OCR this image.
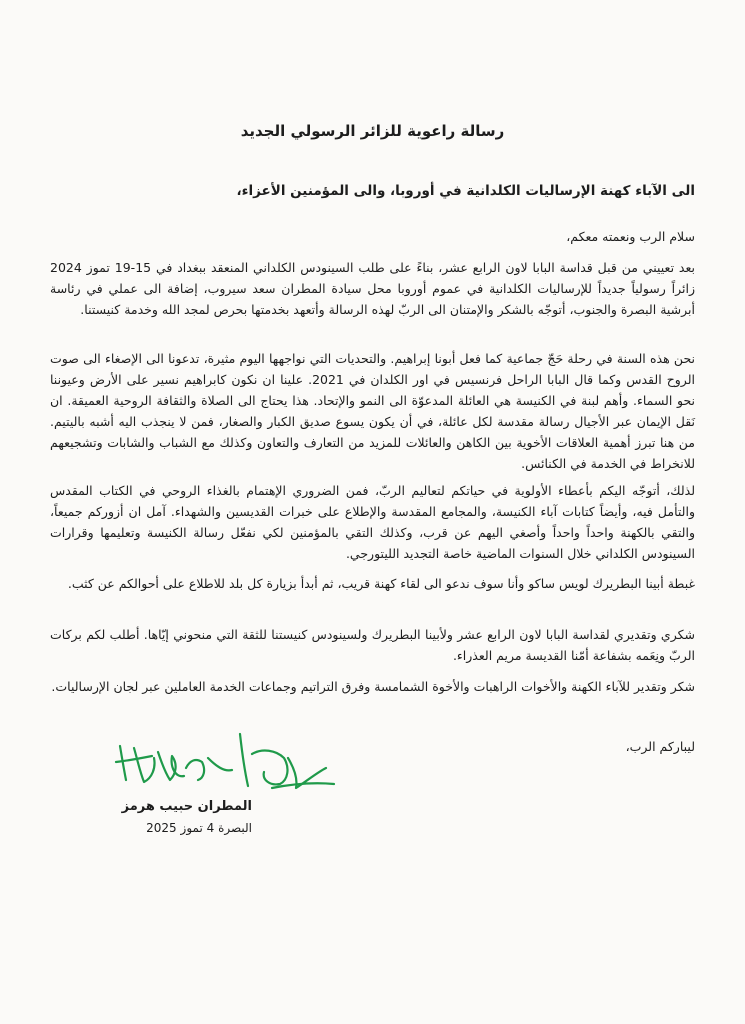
رسالة راعوية للزائر الرسولي الجديد
الى الآباء كهنة الإرساليات الكلدانية في أوروبا، والى المؤمنين الأعزاء،

سلام الرب ونعمته معكم،

بعد تعييني من قبل قداسة البابا لاون الرابع عشر، بناءً على طلب السينودس الكلداني المنعقد ببغداد في 15-19 تموز 2024 زائراً رسولياً جديداً للإرساليات الكلدانية في عموم أوروبا محل سيادة المطران سعد سيروب، إضافة الى عملي في رئاسة أبرشية البصرة والجنوب، أتوجّه بالشكر والإمتنان الى الربّ لهذه الرسالة وأتعهد بخدمتها بحرص لمجد الله وخدمة كنيستنا.

نحن هذه السنة في رحلة حَجّ جماعية كما فعل أبونا إبراهيم. والتحديات التي نواجهها اليوم مثيرة، تدعونا الى الإصغاء الى صوت الروح القدس وكما قال البابا الراحل فرنسيس في اور الكلدان في 2021. علينا ان نكون كابراهيم نسير على الأرض وعيوننا نحو السماء. وأهم لبنة في الكنيسة هي العائلة المدعوّة الى النمو والإتحاد. هذا يحتاج الى الصلاة والثقافة الروحية العميقة. ان نَقل الإيمان عبر الأجيال رسالة مقدسة لكل عائلة، في أن يكون يسوع صديق الكبار والصغار، فمن لا ينجذب اليه أشبه باليتيم. من هنا تبرز أهمية العلاقات الأخوية بين الكاهن والعائلات للمزيد من التعارف والتعاون وكذلك مع الشباب والشابات وتشجيعهم للانخراط في الخدمة في الكنائس.

لذلك، أتوجّه اليكم بأعطاء الأولوية في حياتكم لتعاليم الربّ، فمن الضروري الإهتمام بالغذاء الروحي في الكتاب المقدس والتأمل فيه، وأيضاً كتابات آباء الكنيسة، والمجامع المقدسة والإطلاع على خبرات القديسين والشهداء. آمل ان أزوركم جميعاً، والتقي بالكهنة واحداً واحداً وأصغي اليهم عن قرب، وكذلك التقي بالمؤمنين لكي نفعّل رسالة الكنيسة وتعليمها وقرارات السينودس الكلداني خلال السنوات الماضية خاصة التجديد الليتورجي.

غبطة أبينا البطريرك لويس ساكو وأنا سوف ندعو الى لقاء كهنة قريب، ثم أبدأ بزيارة كل بلد للاطلاع على أحوالكم عن كثب.

شكري وتقديري لقداسة البابا لاون الرابع عشر ولأبينا البطريرك ولسينودس كنيستنا للثقة التي منحوني إيّاها. أطلب لكم بركات الربّ ونِعَمه بشفاعة أمّنا القديسة مريم العذراء.

شكر وتقدير للآباء الكهنة والأخوات الراهبات والأخوة الشمامسة وفرق التراتيم وجماعات الخدمة العاملين عبر لجان الإرساليات.

ليباركم الرب،

المطران حبيب هرمز
البصرة 4 تموز 2025
